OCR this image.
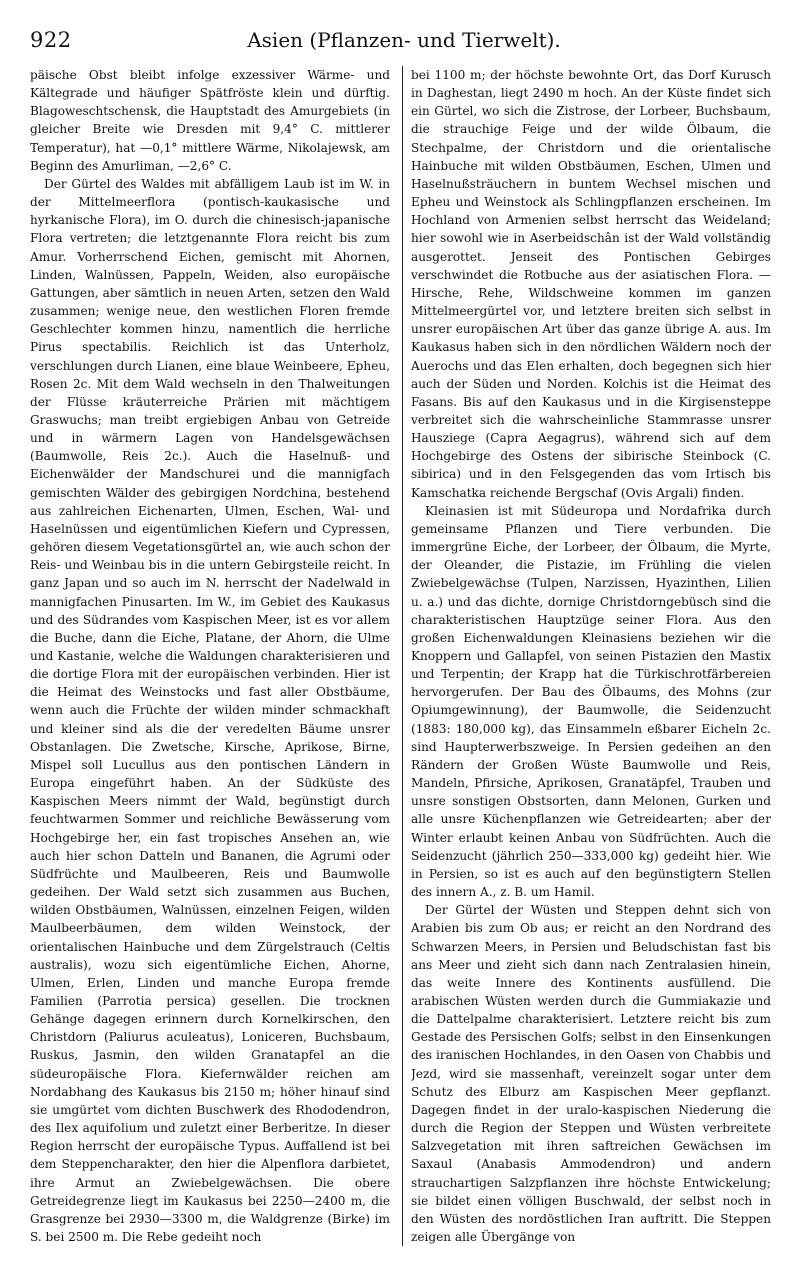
922	Asien (Pflanzen- und Tierwelt).

päische Obst bleibt infolge exzessiver Wärme- und Kältegrade und häufiger Spätfröste klein und dürftig. Blagoweschtschensk, die Hauptstadt des Amurgebiets (in gleicher Breite wie Dresden mit 9,4° C. mittlerer Temperatur), hat —0,1° mittlere Wärme, Nikolajewsk, am Beginn des Amurliman, —2,6° C.

Der Gürtel des Waldes mit abfälligem Laub ist im W. in der Mittelmeerflora (pontisch-kaukasische und hyrkanische Flora), im O. durch die chinesisch-japanische Flora vertreten; die letztgenannte Flora reicht bis zum Amur. Vorherrschend Eichen, gemischt mit Ahornen, Linden, Walnüssen, Pappeln, Weiden, also europäische Gattungen, aber sämtlich in neuen Arten, setzen den Wald zusammen; wenige neue, den westlichen Floren fremde Geschlechter kommen hinzu, namentlich die herrliche Pirus spectabilis. Reichlich ist das Unterholz, verschlungen durch Lianen, eine blaue Weinbeere, Epheu, Rosen 2c. Mit dem Wald wechseln in den Thalweitungen der Flüsse kräuterreiche Prärien mit mächtigem Graswuchs; man treibt ergiebigen Anbau von Getreide und in wärmern Lagen von Handelsgewächsen (Baumwolle, Reis 2c.). Auch die Haselnuß- und Eichenwälder der Mandschurei und die mannigfach gemischten Wälder des gebirgigen Nordchina, bestehend aus zahlreichen Eichenarten, Ulmen, Eschen, Wal- und Haselnüssen und eigentümlichen Kiefern und Cypressen, gehören diesem Vegetationsgürtel an, wie auch schon der Reis- und Weinbau bis in die untern Gebirgsteile reicht. In ganz Japan und so auch im N. herrscht der Nadelwald in mannigfachen Pinusarten. Im W., im Gebiet des Kaukasus und des Südrandes vom Kaspischen Meer, ist es vor allem die Buche, dann die Eiche, Platane, der Ahorn, die Ulme und Kastanie, welche die Waldungen charakterisieren und die dortige Flora mit der europäischen verbinden. Hier ist die Heimat des Weinstocks und fast aller Obstbäume, wenn auch die Früchte der wilden minder schmackhaft und kleiner sind als die der veredelten Bäume unsrer Obstanlagen. Die Zwetsche, Kirsche, Aprikose, Birne, Mispel soll Lucullus aus den pontischen Ländern in Europa eingeführt haben. An der Südküste des Kaspischen Meers nimmt der Wald, begünstigt durch feuchtwarmen Sommer und reichliche Bewässerung vom Hochgebirge her, ein fast tropisches Ansehen an, wie auch hier schon Datteln und Bananen, die Agrumi oder Südfrüchte und Maulbeeren, Reis und Baumwolle gedeihen. Der Wald setzt sich zusammen aus Buchen, wilden Obstbäumen, Walnüssen, einzelnen Feigen, wilden Maulbeerbäumen, dem wilden Weinstock, der orientalischen Hainbuche und dem Zürgelstrauch (Celtis australis), wozu sich eigentümliche Eichen, Ahorne, Ulmen, Erlen, Linden und manche Europa fremde Familien (Parrotia persica) gesellen. Die trocknen Gehänge dagegen erinnern durch Kornelkirschen, den Christdorn (Paliurus aculeatus), Loniceren, Buchsbaum, Ruskus, Jasmin, den wilden Granatapfel an die südeuropäische Flora. Kiefernwälder reichen am Nordabhang des Kaukasus bis 2150 m; höher hinauf sind sie umgürtet vom dichten Buschwerk des Rhododendron, des Ilex aquifolium und zuletzt einer Berberitze. In dieser Region herrscht der europäische Typus. Auffallend ist bei dem Steppencharakter, den hier die Alpenflora darbietet, ihre Armut an Zwiebelgewächsen. Die obere Getreidegrenze liegt im Kaukasus bei 2250—2400 m, die Grasgrenze bei 2930—3300 m, die Waldgrenze (Birke) im S. bei 2500 m. Die Rebe gedeiht noch

bei 1100 m; der höchste bewohnte Ort, das Dorf Kurusch in Daghestan, liegt 2490 m hoch. An der Küste findet sich ein Gürtel, wo sich die Zistrose, der Lorbeer, Buchsbaum, die strauchige Feige und der wilde Ölbaum, die Stechpalme, der Christdorn und die orientalische Hainbuche mit wilden Obstbäumen, Eschen, Ulmen und Haselnußsträuchern in buntem Wechsel mischen und Epheu und Weinstock als Schlingpflanzen erscheinen. Im Hochland von Armenien selbst herrscht das Weideland; hier sowohl wie in Aserbeidschân ist der Wald vollständig ausgerottet. Jenseit des Pontischen Gebirges verschwindet die Rotbuche aus der asiatischen Flora. — Hirsche, Rehe, Wildschweine kommen im ganzen Mittelmeergürtel vor, und letztere breiten sich selbst in unsrer europäischen Art über das ganze übrige A. aus. Im Kaukasus haben sich in den nördlichen Wäldern noch der Auerochs und das Elen erhalten, doch begegnen sich hier auch der Süden und Norden. Kolchis ist die Heimat des Fasans. Bis auf den Kaukasus und in die Kirgisensteppe verbreitet sich die wahrscheinliche Stammrasse unsrer Hausziege (Capra Aegagrus), während sich auf dem Hochgebirge des Ostens der sibirische Steinbock (C. sibirica) und in den Felsgegenden das vom Irtisch bis Kamschatka reichende Bergschaf (Ovis Argali) finden.

Kleinasien ist mit Südeuropa und Nordafrika durch gemeinsame Pflanzen und Tiere verbunden. Die immergrüne Eiche, der Lorbeer, der Ölbaum, die Myrte, der Oleander, die Pistazie, im Frühling die vielen Zwiebelgewächse (Tulpen, Narzissen, Hyazinthen, Lilien u. a.) und das dichte, dornige Christdorngebüsch sind die charakteristischen Hauptzüge seiner Flora. Aus den großen Eichenwaldungen Kleinasiens beziehen wir die Knoppern und Gallapfel, von seinen Pistazien den Mastix und Terpentin; der Krapp hat die Türkischrotfärbereien hervorgerufen. Der Bau des Ölbaums, des Mohns (zur Opiumgewinnung), der Baumwolle, die Seidenzucht (1883: 180,000 kg), das Einsammeln eßbarer Eicheln 2c. sind Haupterwerbszweige. In Persien gedeihen an den Rändern der Großen Wüste Baumwolle und Reis, Mandeln, Pfirsiche, Aprikosen, Granatäpfel, Trauben und unsre sonstigen Obstsorten, dann Melonen, Gurken und alle unsre Küchenpflanzen wie Getreidearten; aber der Winter erlaubt keinen Anbau von Südfrüchten. Auch die Seidenzucht (jährlich 250—333,000 kg) gedeiht hier. Wie in Persien, so ist es auch auf den begünstigtern Stellen des innern A., z. B. um Hamil.

Der Gürtel der Wüsten und Steppen dehnt sich von Arabien bis zum Ob aus; er reicht an den Nordrand des Schwarzen Meers, in Persien und Beludschistan fast bis ans Meer und zieht sich dann nach Zentralasien hinein, das weite Innere des Kontinents ausfüllend. Die arabischen Wüsten werden durch die Gummiakazie und die Dattelpalme charakterisiert. Letztere reicht bis zum Gestade des Persischen Golfs; selbst in den Einsenkungen des iranischen Hochlandes, in den Oasen von Chabbis und Jezd, wird sie massenhaft, vereinzelt sogar unter dem Schutz des Elburz am Kaspischen Meer gepflanzt. Dagegen findet in der uralo-kaspischen Niederung die durch die Region der Steppen und Wüsten verbreitete Salzvegetation mit ihren saftreichen Gewächsen im Saxaul (Anabasis Ammodendron) und andern strauchartigen Salzpflanzen ihre höchste Entwickelung; sie bildet einen völligen Buschwald, der selbst noch in den Wüsten des nordöstlichen Iran auftritt. Die Steppen zeigen alle Übergänge von
